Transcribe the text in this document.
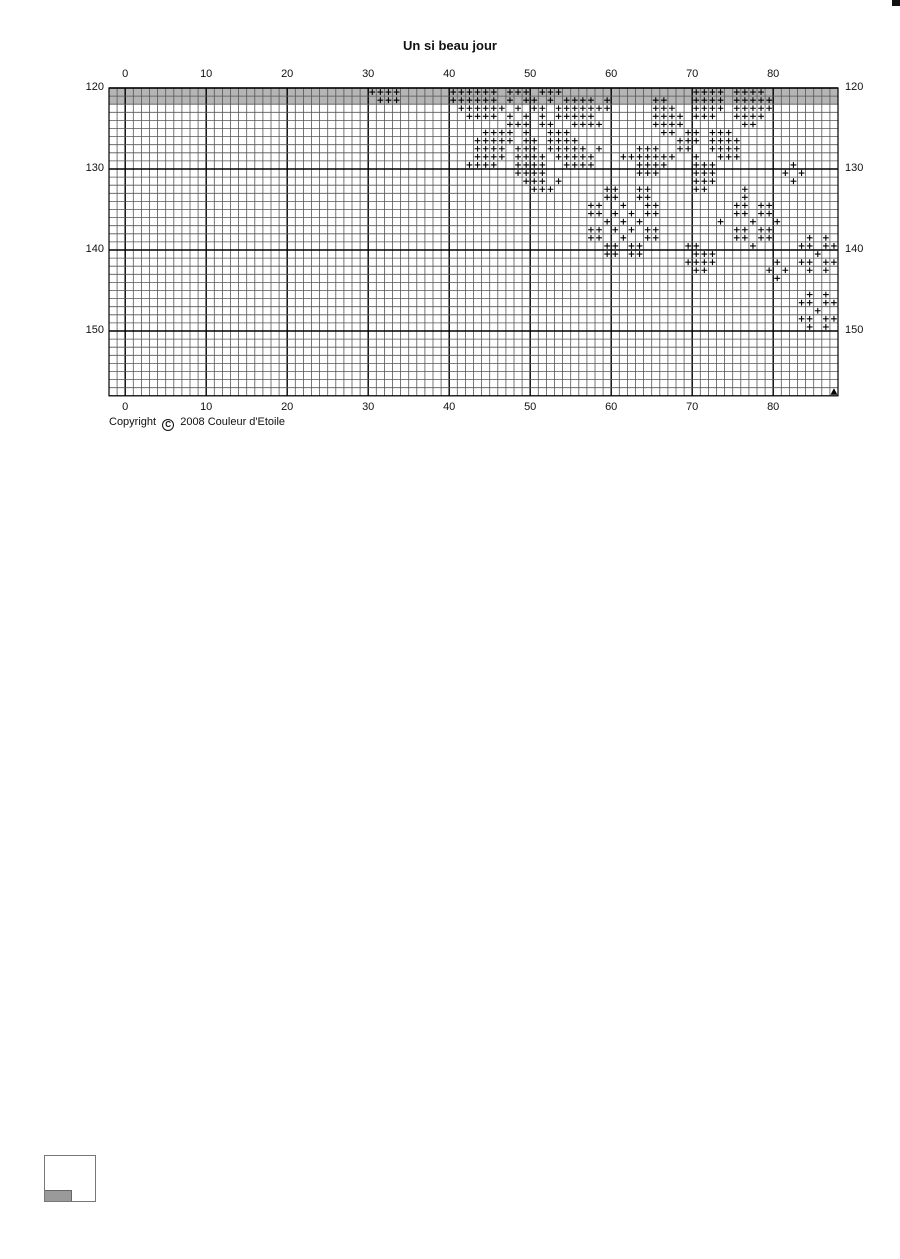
Un si beau jour
0	10	20	30	40	50	60	70	80
0	10	20	30	40	50	60	70	80
120
130
140
150
120
130
140
150
Copyright C 2008 Couleur d'Etoile
